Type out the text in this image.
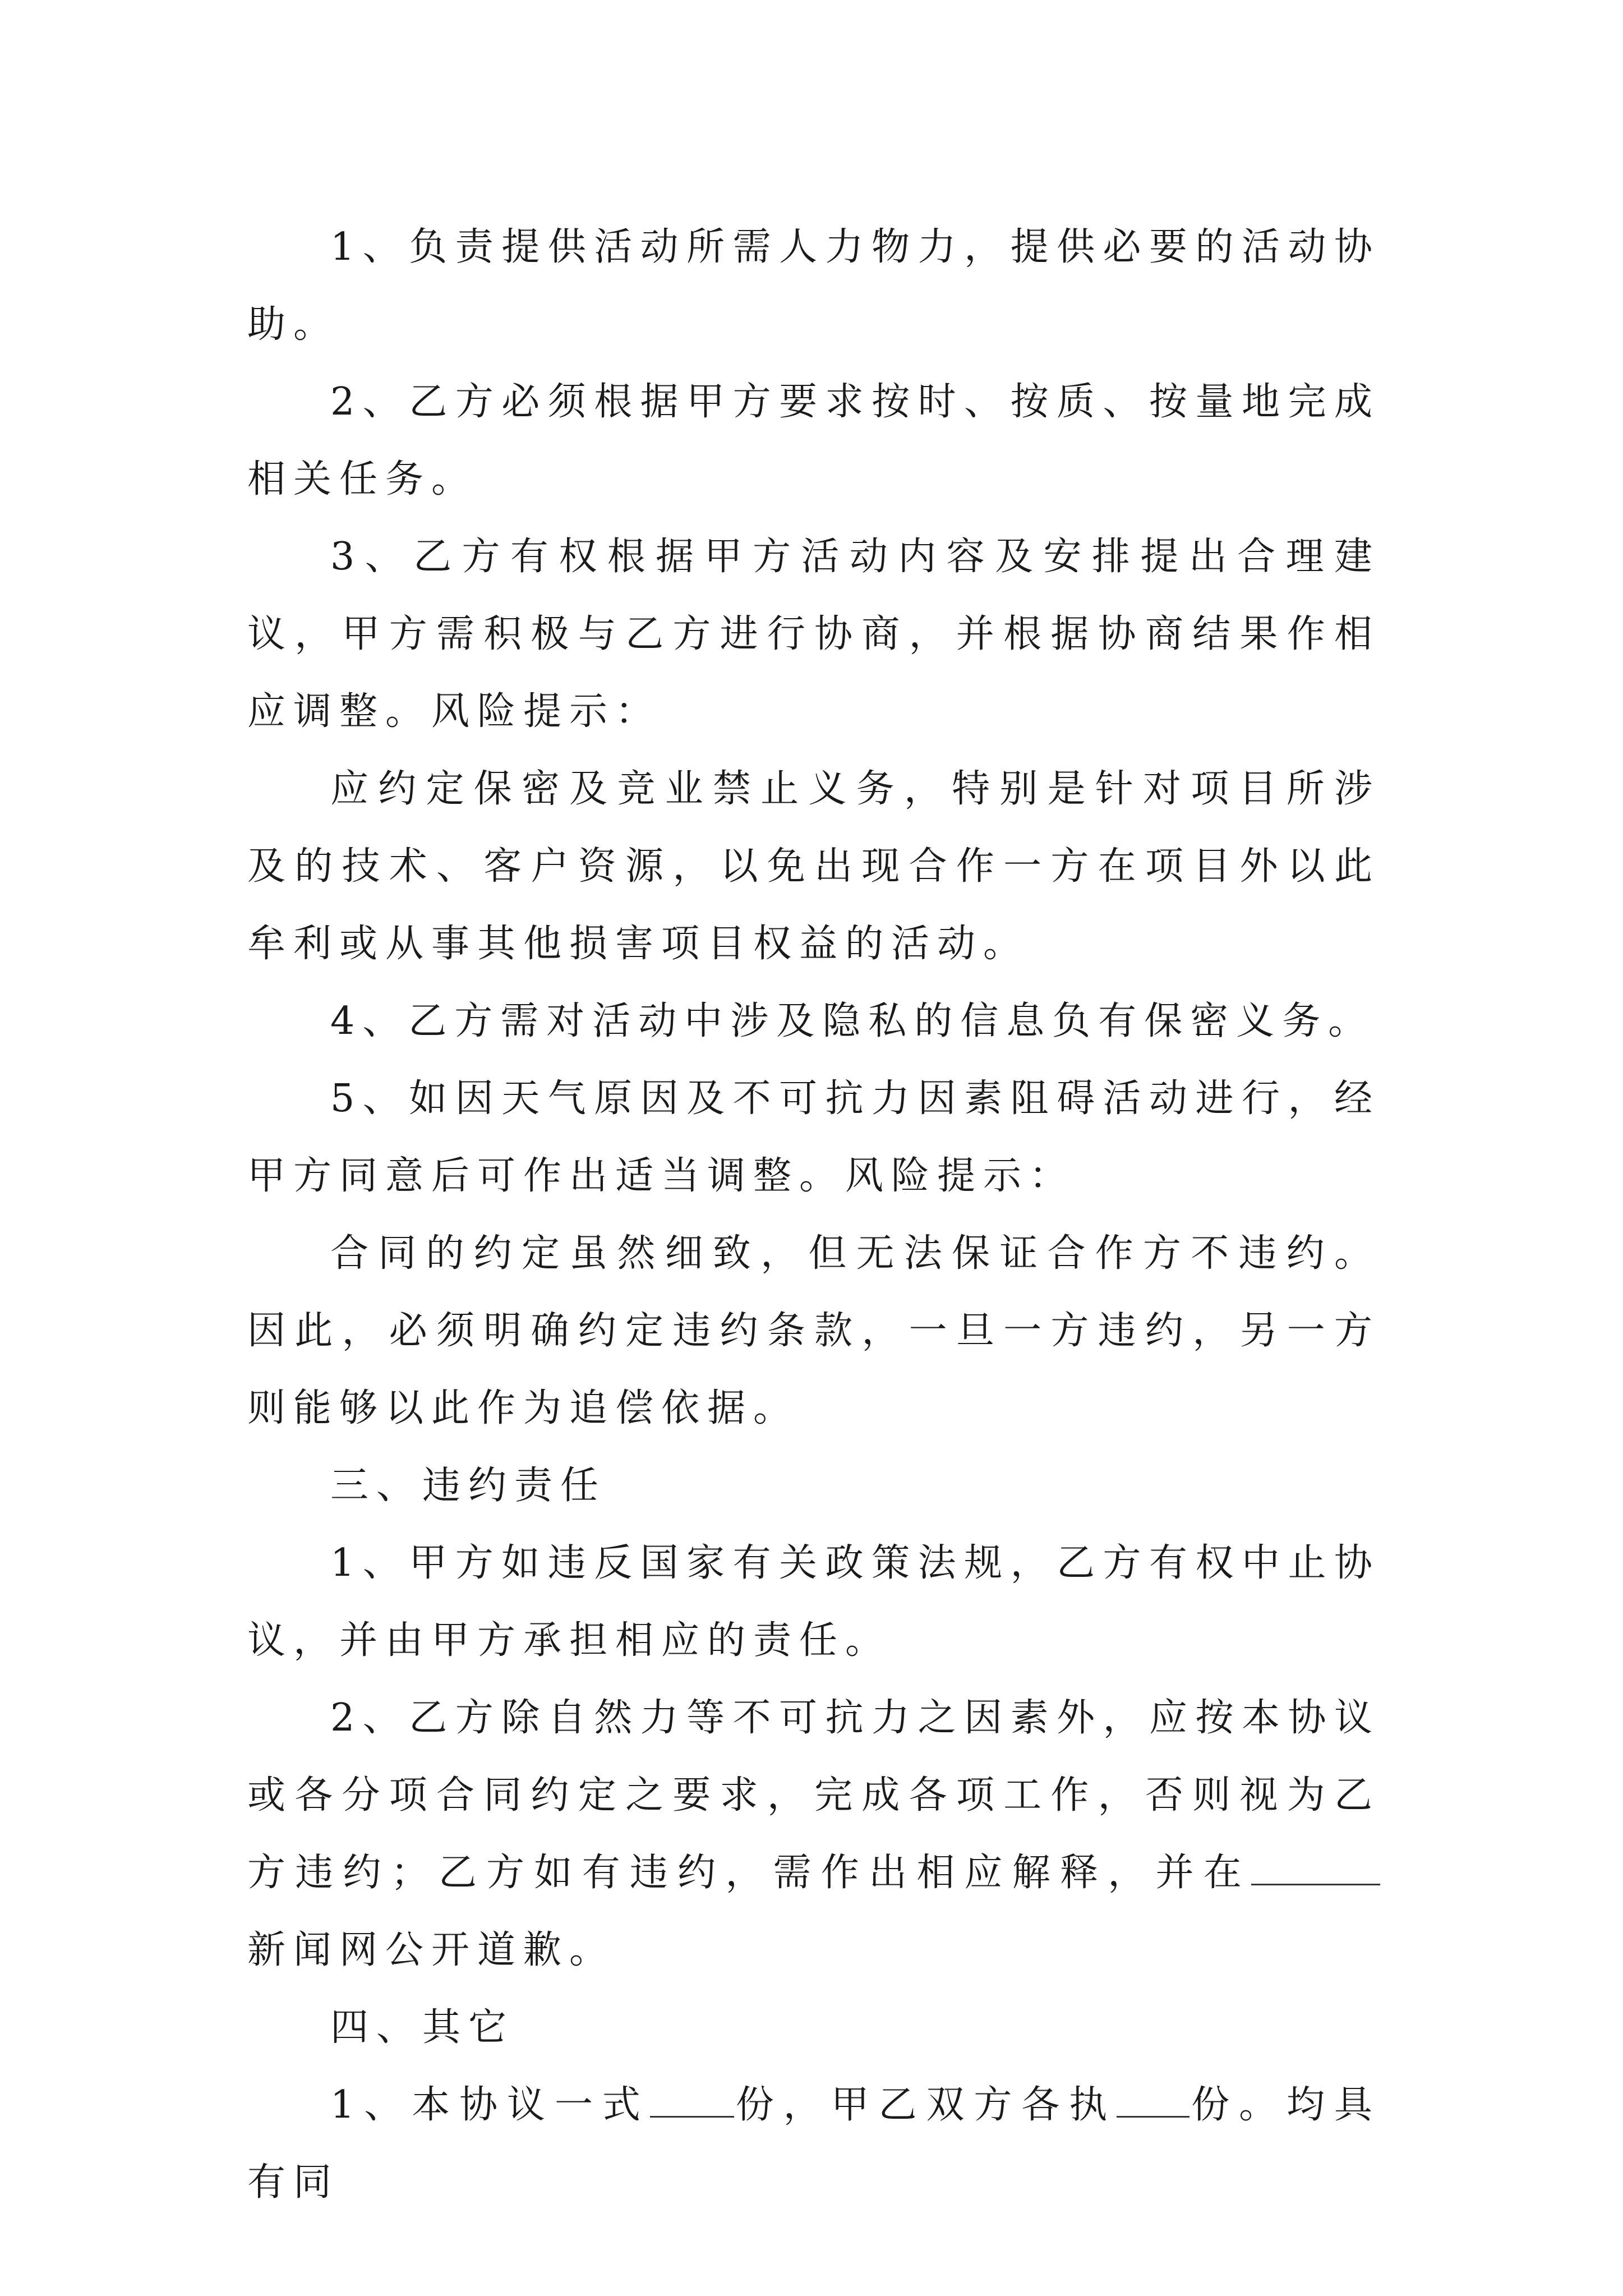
1、负责提供活动所需人力物力，提供必要的活动协助。

2、乙方必须根据甲方要求按时、按质、按量地完成相关任务。

3、乙方有权根据甲方活动内容及安排提出合理建议，甲方需积极与乙方进行协商，并根据协商结果作相应调整。风险提示：

应约定保密及竞业禁止义务，特别是针对项目所涉及的技术、客户资源，以免出现合作一方在项目外以此牟利或从事其他损害项目权益的活动。

4、乙方需对活动中涉及隐私的信息负有保密义务。

5、如因天气原因及不可抗力因素阻碍活动进行，经甲方同意后可作出适当调整。风险提示：

合同的约定虽然细致，但无法保证合作方不违约。因此，必须明确约定违约条款，一旦一方违约，另一方则能够以此作为追偿依据。

三、违约责任

1、甲方如违反国家有关政策法规，乙方有权中止协议，并由甲方承担相应的责任。

2、乙方除自然力等不可抗力之因素外，应按本协议或各分项合同约定之要求，完成各项工作，否则视为乙方违约；乙方如有违约，需作出相应解释，并在新闻网公开道歉。

四、其它

1、本协议一式 份，甲乙双方各执 份。均具有同
